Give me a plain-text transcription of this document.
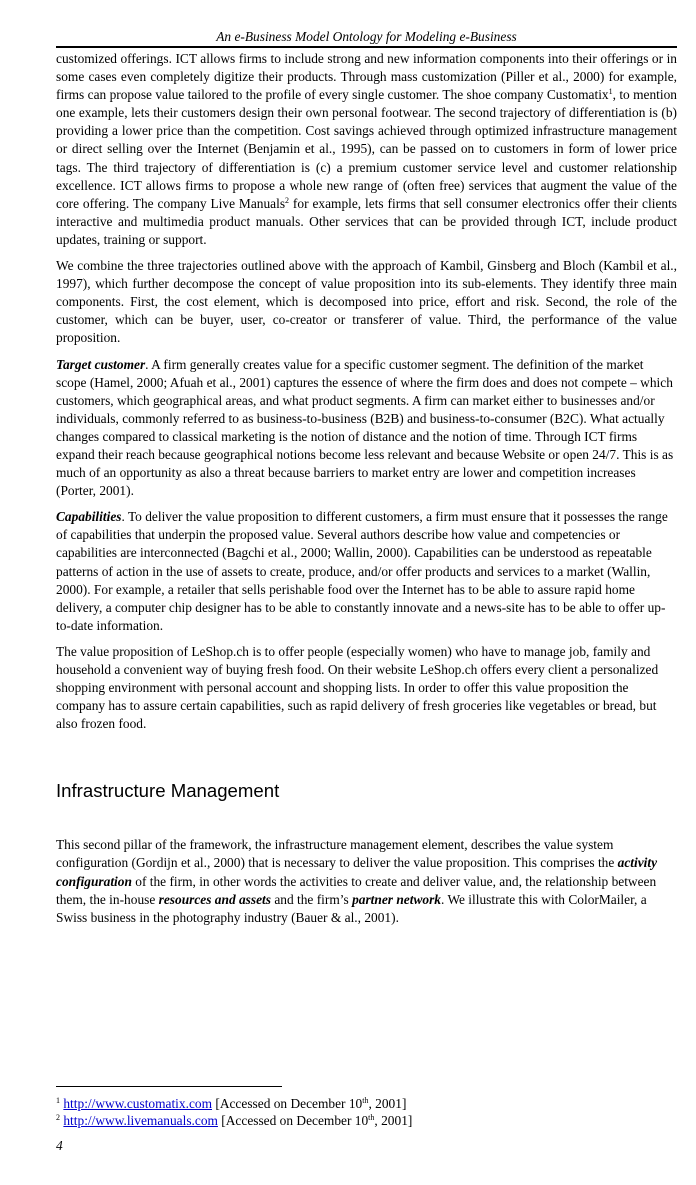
An e-Business Model Ontology for Modeling e-Business

customized offerings. ICT allows firms to include strong and new information components into their offerings or in some cases even completely digitize their products. Through mass customization (Piller et al., 2000) for example, firms can propose value tailored to the profile of every single customer. The shoe company Customatix$^1$, to mention one example, lets their customers design their own personal footwear. The second trajectory of differentiation is (b) providing a lower price than the competition. Cost savings achieved through optimized infrastructure management or direct selling over the Internet (Benjamin et al., 1995), can be passed on to customers in form of lower price tags. The third trajectory of differentiation is (c) a premium customer service level and customer relationship excellence. ICT allows firms to propose a whole new range of (often free) services that augment the value of the core offering. The company Live Manuals$^2$ for example, lets firms that sell consumer electronics offer their clients interactive and multimedia product manuals. Other services that can be provided through ICT, include product updates, training or support.

We combine the three trajectories outlined above with the approach of Kambil, Ginsberg and Bloch (Kambil et al., 1997), which further decompose the concept of value proposition into its sub-elements. They identify three main components. First, the cost element, which is decomposed into price, effort and risk. Second, the role of the customer, which can be buyer, user, co-creator or transferer of value. Third, the performance of the value proposition.

Target customer. A firm generally creates value for a specific customer segment. The definition of the market scope (Hamel, 2000; Afuah et al., 2001) captures the essence of where the firm does and does not compete – which customers, which geographical areas, and what product segments. A firm can market either to businesses and/or individuals, commonly referred to as business-to-business (B2B) and business-to-consumer (B2C). What actually changes compared to classical marketing is the notion of distance and the notion of time. Through ICT firms expand their reach because geographical notions become less relevant and because Website or open 24/7. This is as much of an opportunity as also a threat because barriers to market entry are lower and competition increases (Porter, 2001).

Capabilities. To deliver the value proposition to different customers, a firm must ensure that it possesses the range of capabilities that underpin the proposed value. Several authors describe how value and competencies or capabilities are interconnected (Bagchi et al., 2000; Wallin, 2000). Capabilities can be understood as repeatable patterns of action in the use of assets to create, produce, and/or offer products and services to a market (Wallin, 2000). For example, a retailer that sells perishable food over the Internet has to be able to assure rapid home delivery, a computer chip designer has to be able to constantly innovate and a news-site has to be able to offer up-to-date information.

The value proposition of LeShop.ch is to offer people (especially women) who have to manage job, family and household a convenient way of buying fresh food. On their website LeShop.ch offers every client a personalized shopping environment with personal account and shopping lists. In order to offer this value proposition the company has to assure certain capabilities, such as rapid delivery of fresh groceries like vegetables or bread, but also frozen food.

Infrastructure Management

This second pillar of the framework, the infrastructure management element, describes the value system configuration (Gordijn et al., 2000) that is necessary to deliver the value proposition. This comprises the activity configuration of the firm, in other words the activities to create and deliver value, and, the relationship between them, the in-house resources and assets and the firm’s partner network. We illustrate this with ColorMailer, a Swiss business in the photography industry (Bauer & al., 2001).

$^1$ http://www.customatix.com [Accessed on December 10th, 2001]
$^2$ http://www.livemanuals.com [Accessed on December 10th, 2001]
4
